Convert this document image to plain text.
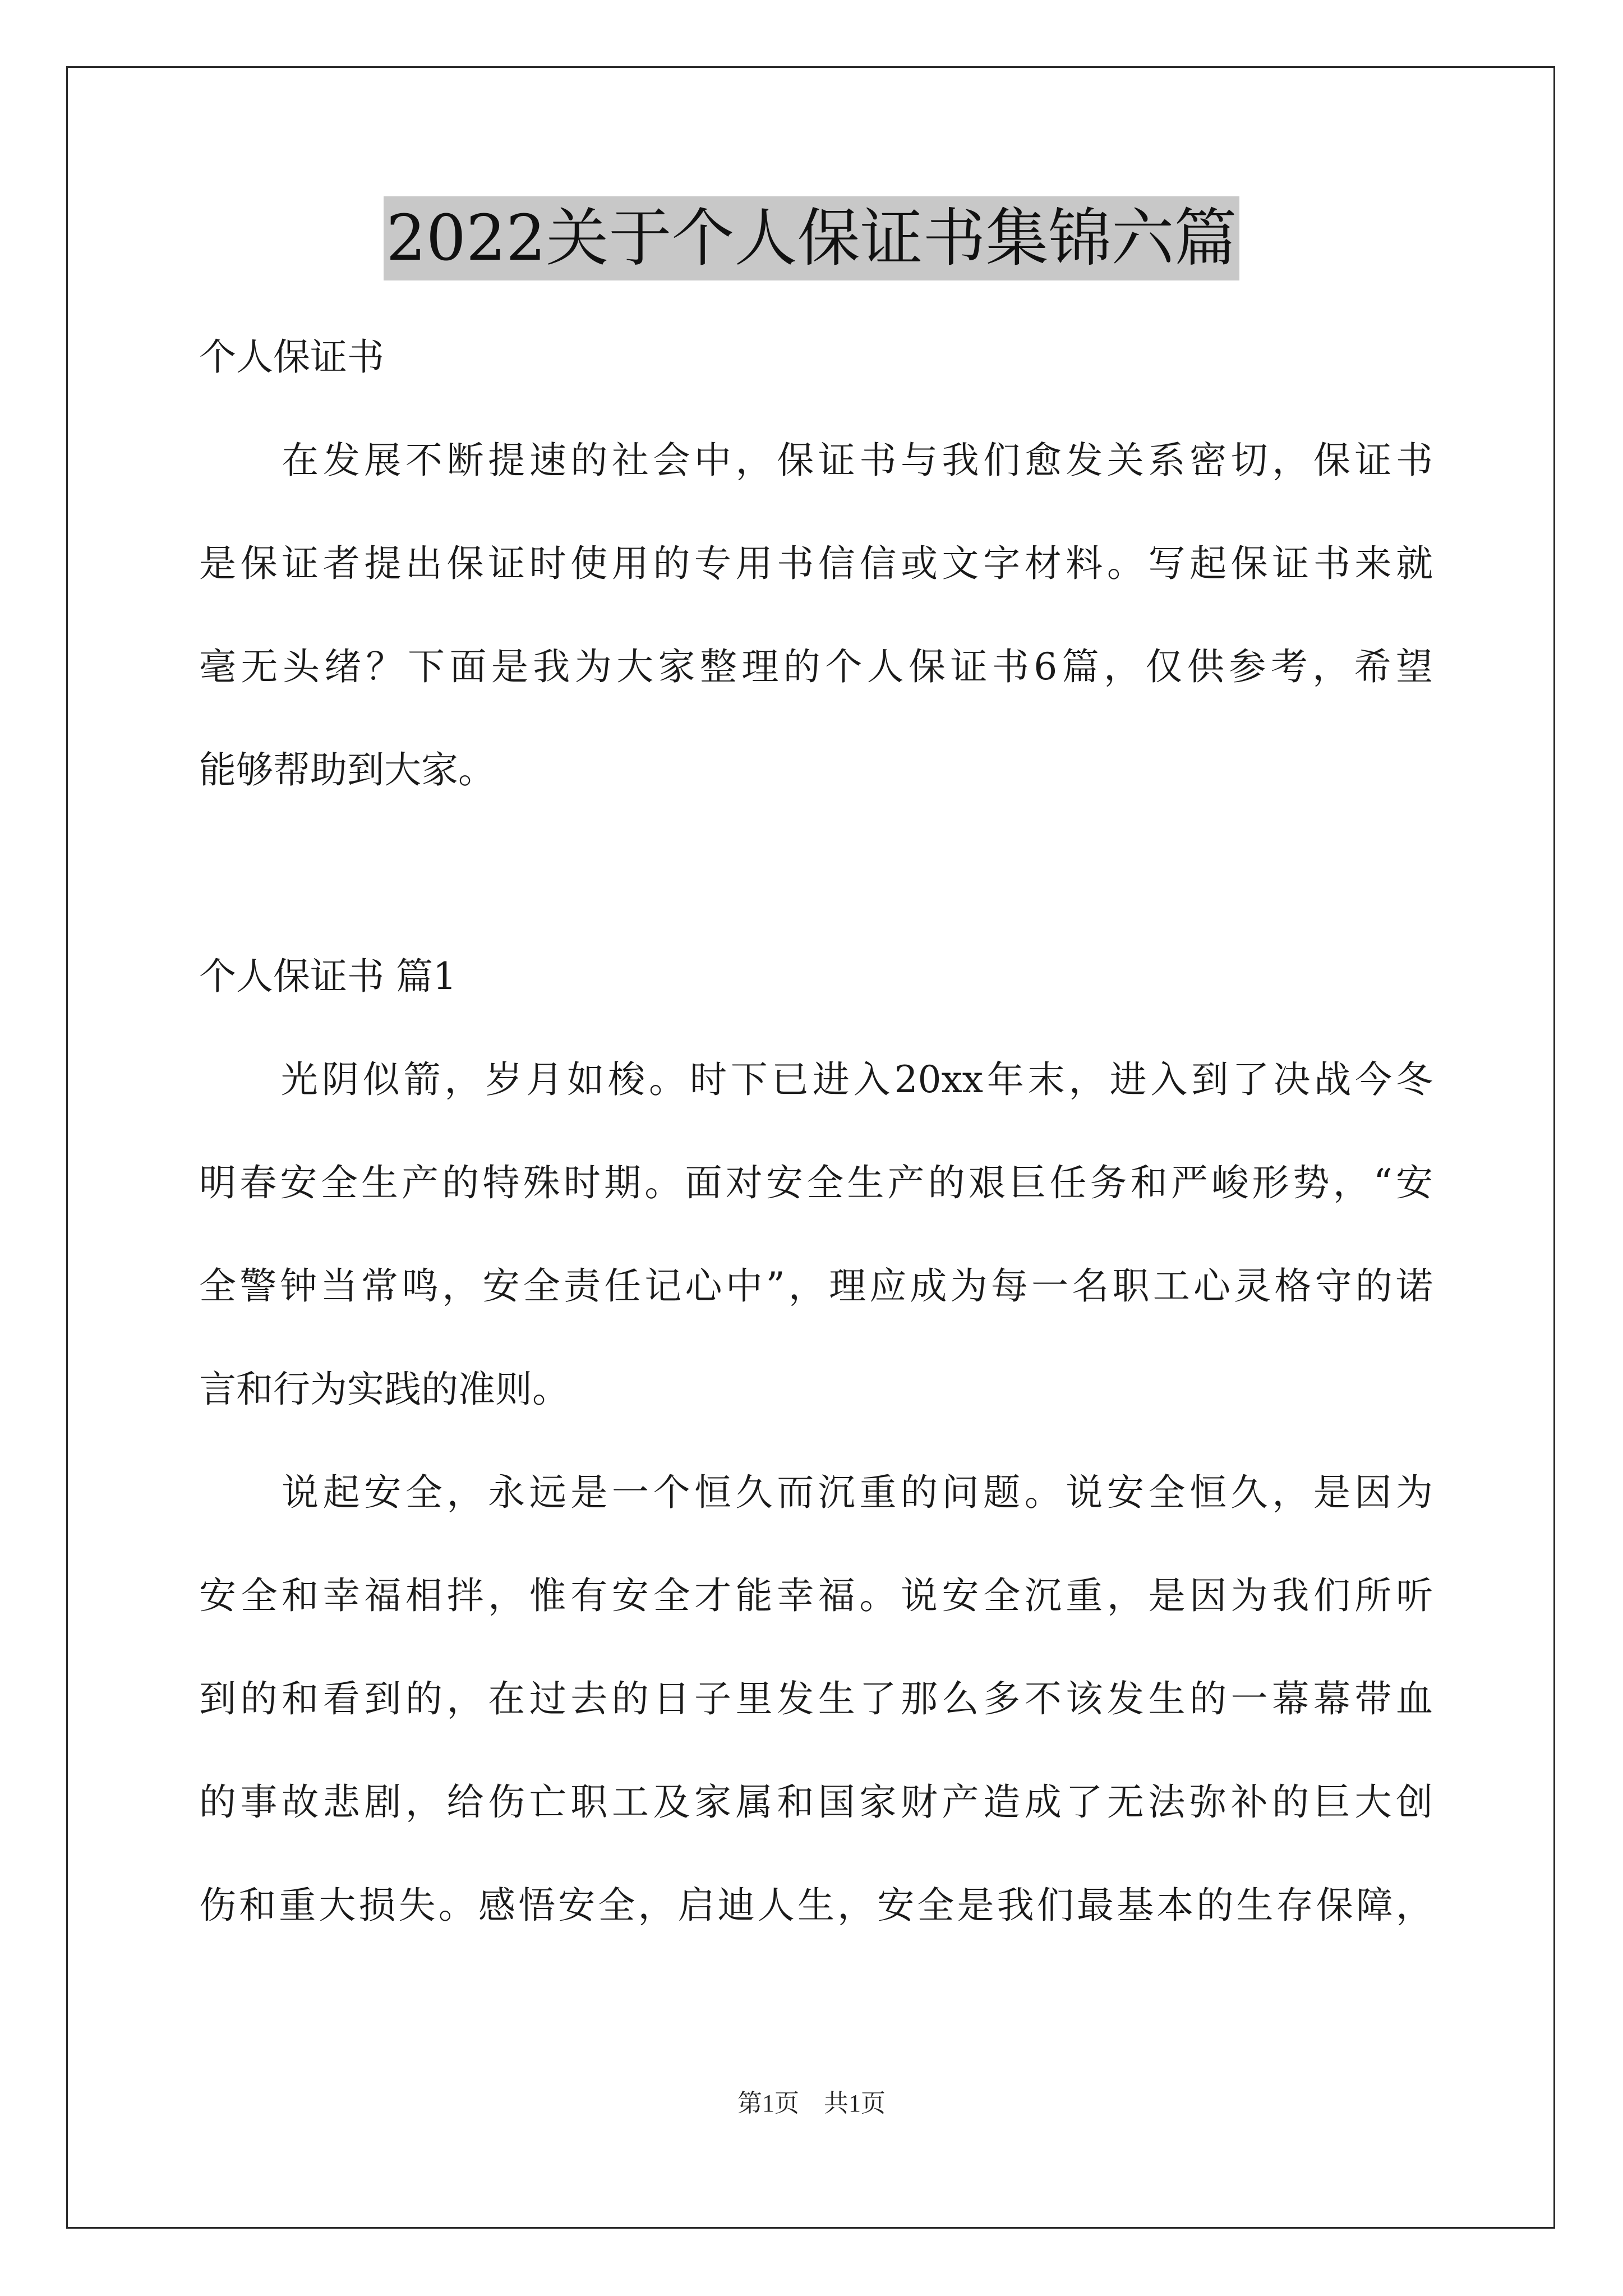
2022关于个人保证书集锦六篇
个人保证书
　　在发展不断提速的社会中，保证书与我们愈发关系密切，保证书
是保证者提出保证时使用的专用书信信或文字材料。写起保证书来就
毫无头绪？下面是我为大家整理的个人保证书6篇，仅供参考，希望
能够帮助到大家。
个人保证书 篇1
　　光阴似箭，岁月如梭。时下已进入20xx年末，进入到了决战今冬
明春安全生产的特殊时期。面对安全生产的艰巨任务和严峻形势，“安
全警钟当常鸣，安全责任记心中”，理应成为每一名职工心灵格守的诺
言和行为实践的准则。
　　说起安全，永远是一个恒久而沉重的问题。说安全恒久，是因为
安全和幸福相拌，惟有安全才能幸福。说安全沉重，是因为我们所听
到的和看到的，在过去的日子里发生了那么多不该发生的一幕幕带血
的事故悲剧，给伤亡职工及家属和国家财产造成了无法弥补的巨大创
伤和重大损失。感悟安全，启迪人生，安全是我们最基本的生存保障，
第1页　共1页
